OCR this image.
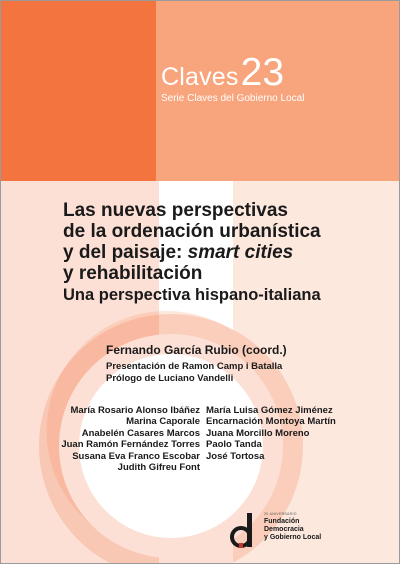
Claves23
Serie Claves del Gobierno Local
Las nuevas perspectivas
de la ordenación urbanística
y del paisaje: smart cities
y rehabilitación
Una perspectiva hispano-italiana
Fernando García Rubio (coord.)
Presentación de Ramon Camp i Batalla
Prólogo de Luciano Vandelli
María Rosario Alonso Ibáñez
Marina Caporale
Anabelén Casares Marcos
Juan Ramón Fernández Torres
Susana Eva Franco Escobar
Judith Gifreu Font
María Luisa Gómez Jiménez
Encarnación Montoya Martín
Juana Morcillo Moreno
Paolo Tanda
José Tortosa
20 ANIVERSARIO
Fundación
Democracia
y Gobierno Local
